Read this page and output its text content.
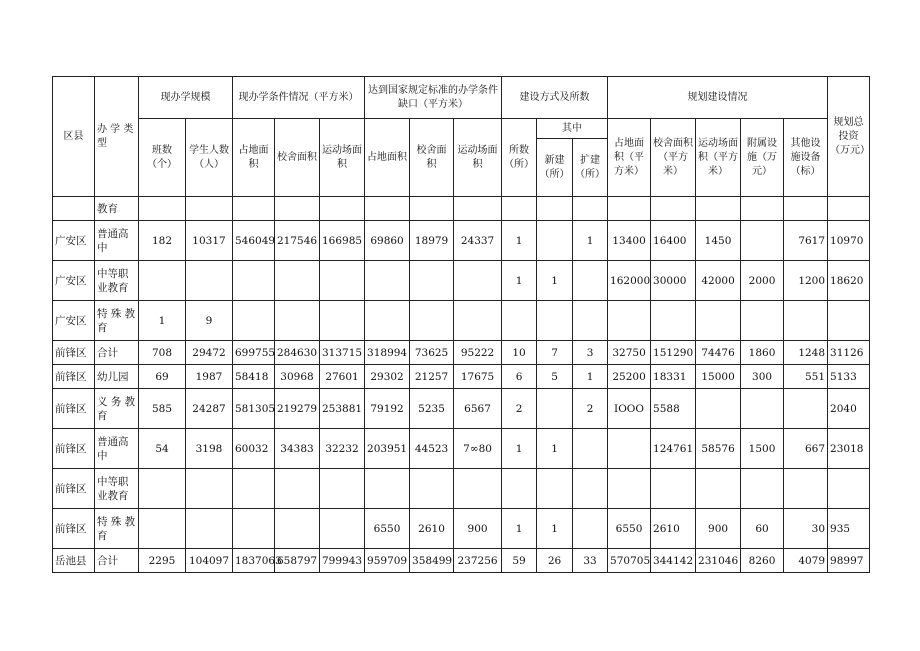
区县	办 学 类 型	现办学规模		现办学条件情况（平方米）			达到国家规定标准的办学条件缺口（平方米）			建设方式及所数			规划建设情况					规划总投资（万元）
		班数（个）	学生人数（人）	占地面积	校舍面积	运动场面积	占地面积	校舍面积	运动场面积	所数（所）	其中		占地面积（平方米）	校舍面积（平方米）	运动场面积（平方米）	附属设施（万元）	其他设施设备（标）	
											新建（所）	扩建（所）						
	教育																	
广安区	普通高中	182	10317	546049	217546	166985	69860	18979	24337	1		1	13400	16400	1450		7617	10970
广安区	中等职业教育									1	1		162000	30000	42000	2000	1200	18620
广安区	特 殊 教 育	1	9															
前锋区	合计	708	29472	699755	284630	313715	318994	73625	95222	10	7	3	32750	151290	74476	1860	1248	31126
前锋区	幼儿园	69	1987	58418	30968	27601	29302	21257	17675	6	5	1	25200	18331	15000	300	551	5133
前锋区	义 务 教 育	585	24287	581305	219279	253881	79192	5235	6567	2		2	IOOO	5588				2040
前锋区	普通高中	54	3198	60032	34383	32232	203951	44523	7∞80	1	1			124761	58576	1500	667	23018
前锋区	中等职业教育																	
前锋区	特 殊 教 育						6550	2610	900	1	1		6550	2610	900	60	30	935
岳池县	合计	2295	104097	1837063	658797	799943	959709	358499	237256	59	26	33	570705	344142	231046	8260	4079	98997
